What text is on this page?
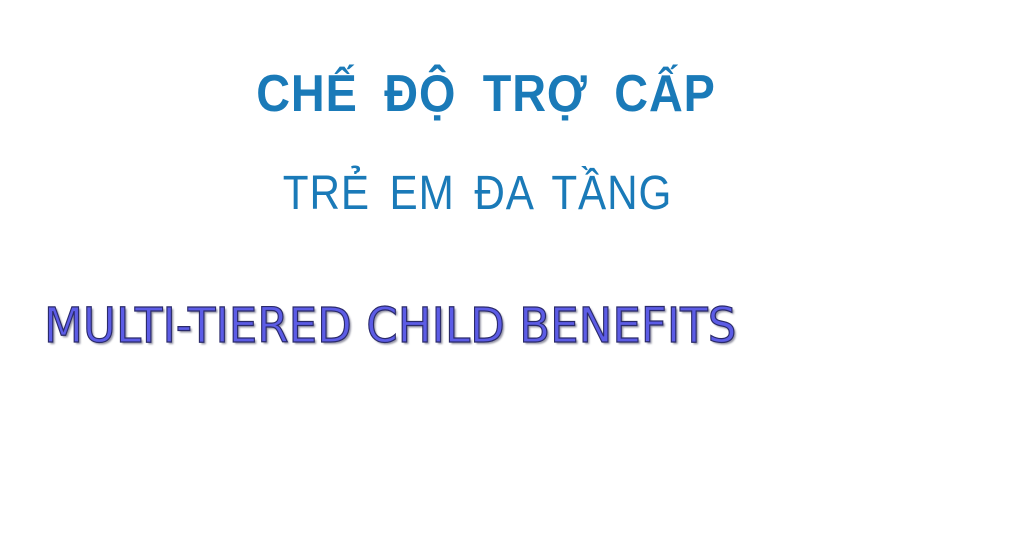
CHẾ ĐỘ TRỢ CẤP
TRẺ EM ĐA TẦNG
MULTI-TIERED CHILD BENEFITS
